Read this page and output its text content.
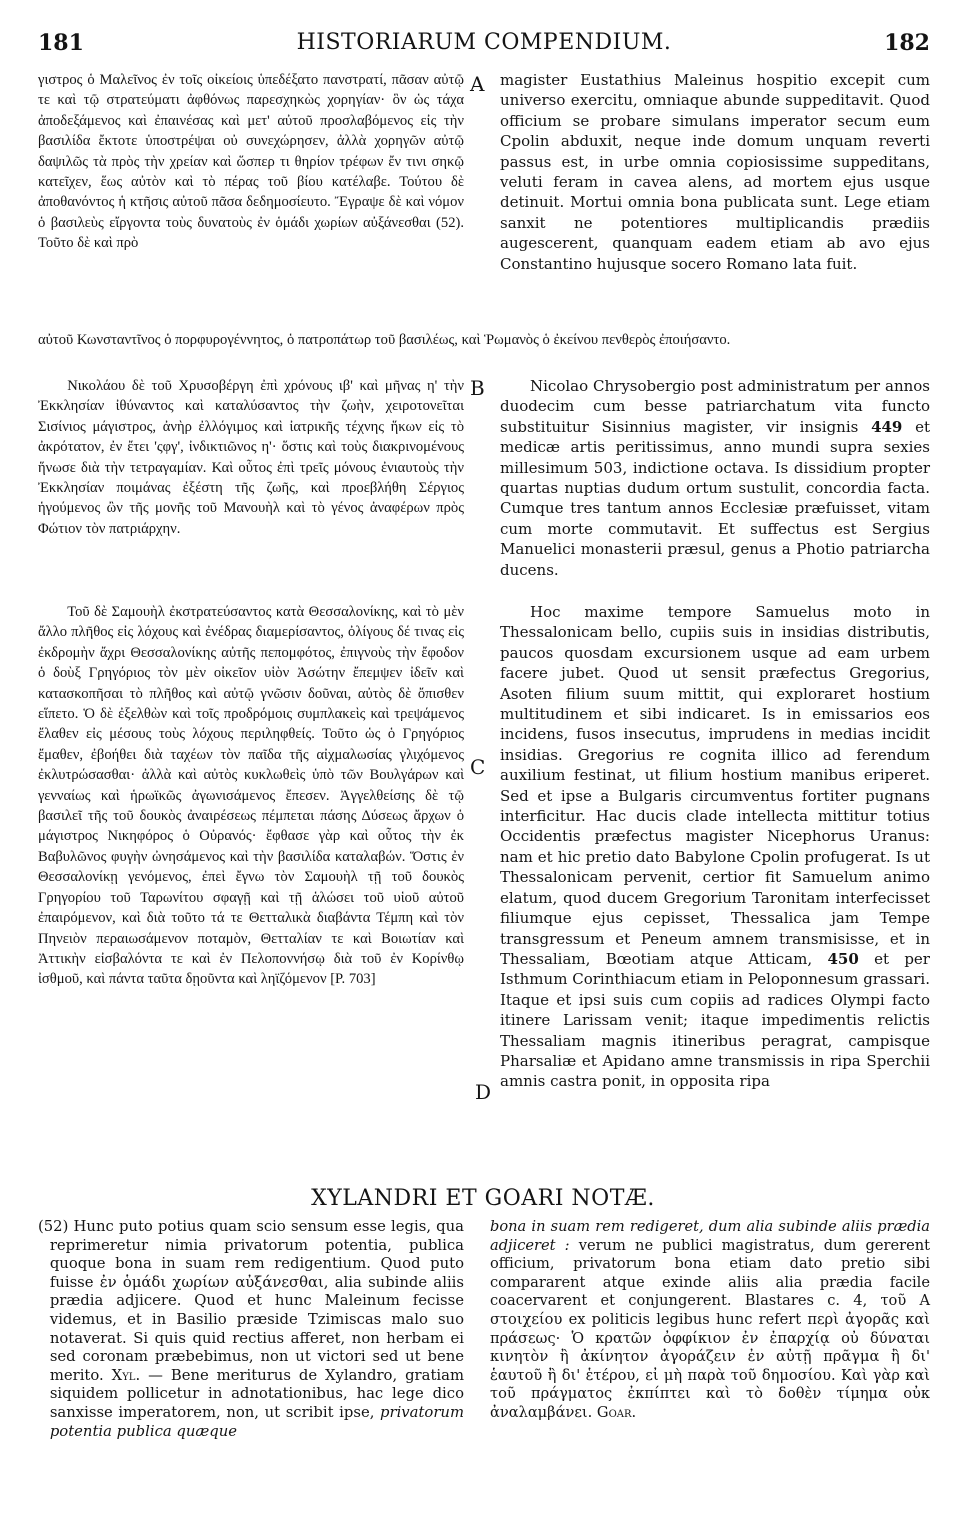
181	HISTORIARUM COMPENDIUM.	182

γιστρος ὁ Μαλεῖνος ἐν τοῖς οἰκείοις ὑπεδέξατο πανστρατί, πᾶσαν αὐτῷ τε καὶ τῷ στρατεύματι ἀφθόνως παρεσχηκὼς χορηγίαν· ὃν ὡς τάχα ἀποδεξάμενος καὶ ἐπαινέσας καὶ μετ' αὐτοῦ προσλαβόμενος εἰς τὴν βασιλίδα ἔκτοτε ὑποστρέψαι οὐ συνεχώρησεν, ἀλλὰ χορηγῶν αὐτῷ δαψιλῶς τὰ πρὸς τὴν χρείαν καὶ ὥσπερ τι θηρίον τρέφων ἔν τινι σηκῷ κατεῖχεν, ἕως αὐτὸν καὶ τὸ πέρας τοῦ βίου κατέλαβε. Τούτου δὲ ἀποθανόντος ἡ κτῆσις αὐτοῦ πᾶσα δεδημοσίευτο. Ἔγραψε δὲ καὶ νόμον ὁ βασιλεὺς εἴργοντα τοὺς δυνατοὺς ἐν ὁμάδι χωρίων αὐξάνεσθαι (52). Τοῦτο δὲ καὶ πρὸ

A magister Eustathius Maleinus hospitio excepit cum universo exercitu, omniaque abunde suppeditavit. Quod officium se probare simulans imperator secum eum Cpolin abduxit, neque inde domum unquam reverti passus est, in urbe omnia copiosissime suppeditans, veluti feram in cavea alens, ad mortem ejus usque detinuit. Mortui omnia bona publicata sunt. Lege etiam sanxit ne potentiores multiplicandis prædiis augescerent, quanquam eadem etiam ab avo ejus Constantino hujusque socero Romano lata fuit.

αὐτοῦ Κωνσταντῖνος ὁ πορφυρογέννητος, ὁ πατροπάτωρ τοῦ βασιλέως, καὶ Ῥωμανὸς ὁ ἐκείνου πενθερὸς ἐποιήσαντο.

Νικολάου δὲ τοῦ Χρυσοβέργη ἐπὶ χρόνους ιβ' καὶ μῆνας η' τὴν Ἐκκλησίαν ἰθύναντος καὶ καταλύσαντος τὴν ζωὴν, χειροτονεῖται Σισίνιος μάγιστρος, ἀνὴρ ἐλλόγιμος καὶ ἰατρικῆς τέχνης ἥκων εἰς τὸ ἀκρότατον, ἐν ἔτει 'ςφγ', ἰνδικτιῶνος η'· ὅστις καὶ τοὺς διακρινομένους ἥνωσε διὰ τὴν τετραγαμίαν. Καὶ οὗτος ἐπὶ τρεῖς μόνους ἐνιαυτοὺς τὴν Ἐκκλησίαν ποιμάνας ἐξέστη τῆς ζωῆς, καὶ προεβλήθη Σέργιος ἡγούμενος ὢν τῆς μονῆς τοῦ Μανουὴλ καὶ τὸ γένος ἀναφέρων πρὸς Φώτιον τὸν πατριάρχην.

B	Nicolao Chrysobergio post administratum per annos duodecim cum besse patriarchatum vita functo substituitur Sisinnius magister, vir insignis 449 et medicæ artis peritissimus, anno mundi supra sexies millesimum 503, indictione octava. Is dissidium propter quartas nuptias dudum ortum sustulit, concordia facta. Cumque tres tantum annos Ecclesiæ præfuisset, vitam cum morte commutavit. Et suffectus est Sergius Manuelici monasterii præsul, genus a Photio patriarcha ducens.

Τοῦ δὲ Σαμουὴλ ἐκστρατεύσαντος κατὰ Θεσσαλονίκης, καὶ τὸ μὲν ἄλλο πλῆθος εἰς λόχους καὶ ἐνέδρας διαμερίσαντος, ὀλίγους δέ τινας εἰς ἐκδρομὴν ἄχρι Θεσσαλονίκης αὐτῆς πεπομφότος, ἐπιγνοὺς τὴν ἔφοδον ὁ δοὺξ Γρηγόριος τὸν μὲν οἰκεῖον υἱὸν Ἀσώτην ἔπεμψεν ἰδεῖν καὶ κατασκοπῆσαι τὸ πλῆθος καὶ αὐτῷ γνῶσιν δοῦναι, αὐτὸς δὲ ὄπισθεν εἵπετο. Ὁ δὲ ἐξελθὼν καὶ τοῖς προδρόμοις συμπλακεὶς καὶ τρεψάμενος ἔλαθεν εἰς μέσους τοὺς λόχους περιληφθείς. Τοῦτο ὡς ὁ Γρηγόριος ἔμαθεν, ἐβοήθει διὰ ταχέων τὸν παῖδα τῆς αἰχμαλωσίας γλιχόμενος ἐκλυτρώσασθαι· ἀλλὰ καὶ αὐτὸς κυκλωθεὶς ὑπὸ τῶν Βουλγάρων καὶ γενναίως καὶ ἡρωϊκῶς ἀγωνισάμενος ἔπεσεν. Ἀγγελθείσης δὲ τῷ βασιλεῖ τῆς τοῦ δουκὸς ἀναιρέσεως πέμπεται πάσης Δύσεως ἄρχων ὁ μάγιστρος Νικηφόρος ὁ Οὐρανός· ἔφθασε γὰρ καὶ οὗτος τὴν ἐκ Βαβυλῶνος φυγὴν ὠνησάμενος καὶ τὴν βασιλίδα καταλαβών. Ὅστις ἐν Θεσσαλονίκῃ γενόμενος, ἐπεὶ ἔγνω τὸν Σαμουὴλ τῇ τοῦ δουκὸς Γρηγορίου τοῦ Ταρωνίτου σφαγῇ καὶ τῇ ἁλώσει τοῦ υἱοῦ αὐτοῦ ἐπαιρόμενον, καὶ διὰ τοῦτο τά τε Θετταλικὰ διαβάντα Τέμπη καὶ τὸν Πηνειὸν περαιωσάμενον ποταμὸν, Θετταλίαν τε καὶ Βοιωτίαν καὶ Ἀττικὴν εἰσβαλόντα τε καὶ ἐν Πελοποννήσῳ διὰ τοῦ ἐν Κορίνθῳ ἰσθμοῦ, καὶ πάντα ταῦτα δῃοῦντα καὶ ληϊζόμενον [P. 703]

C
D

Hoc maxime tempore Samuelus moto in Thessalonicam bello, cupiis suis in insidias distributis, paucos quosdam excursionem usque ad eam urbem facere jubet. Quod ut sensit præfectus Gregorius, Asoten filium suum mittit, qui exploraret hostium multitudinem et sibi indicaret. Is in emissarios eos incidens, fusos insecutus, imprudens in medias incidit insidias. Gregorius re cognita illico ad ferendum auxilium festinat, ut filium hostium manibus eriperet. Sed et ipse a Bulgaris circumventus fortiter pugnans interficitur. Hac ducis clade intellecta mittitur totius Occidentis præfectus magister Nicephorus Uranus: nam et hic pretio dato Babylone Cpolin profugerat. Is ut Thessalonicam pervenit, certior fit Samuelum animo elatum, quod ducem Gregorium Taronitam interfecisset filiumque ejus cepisset, Thessalica jam Tempe transgressum et Peneum amnem transmisisse, et in Thessaliam, Bœotiam atque Atticam, 450 et per Isthmum Corinthiacum etiam in Peloponnesum grassari. Itaque et ipsi suis cum copiis ad radices Olympi facto itinere Larissam venit; itaque impedimentis relictis Thessaliam magnis itineribus peragrat, campisque Pharsaliæ et Apidano amne transmissis in ripa Sperchii amnis castra ponit, in opposita ripa

XYLANDRI ET GOARI NOTÆ.

(52) Hunc puto potius quam scio sensum esse legis, qua reprimeretur nimia privatorum potentia, publica quoque bona in suam rem redigentium. Quod puto fuisse ἐν ὁμάδι χωρίων αὐξάνεσθαι, alia subinde aliis prædia adjicere. Quod et hunc Maleinum fecisse videmus, et in Basilio præside Tzimiscas malo suo notaverat. Si quis quid rectius afferet, non herbam ei sed coronam præbebimus, non ut victori sed ut bene merito. Xyl. — Bene meriturus de Xylandro, gratiam siquidem pollicetur in adnotationibus, hac lege dico sanxisse imperatorem, non, ut scribit ipse, privatorum potentia publica quæque

bona in suam rem redigeret, dum alia subinde aliis prædia adjiceret : verum ne publici magistratus, dum gererent officium, privatorum bona etiam dato pretio sibi compararent atque exinde aliis alia prædia facile coacervarent et conjungerent. Blastares c. 4, τοῦ Α στοιχείου ex politicis legibus hunc refert περὶ ἀγορᾶς καὶ πράσεως· Ὁ κρατῶν ὀφφίκιον ἐν ἐπαρχίᾳ οὐ δύναται κινητὸν ἢ ἀκίνητον ἀγοράζειν ἐν αὐτῇ πρᾶγμα ἢ δι' ἑαυτοῦ ἢ δι' ἑτέρου, εἰ μὴ παρὰ τοῦ δημοσίου. Καὶ γὰρ καὶ τοῦ πράγματος ἐκπίπτει καὶ τὸ δοθὲν τίμημα οὐκ ἀναλαμβάνει. Goar.
